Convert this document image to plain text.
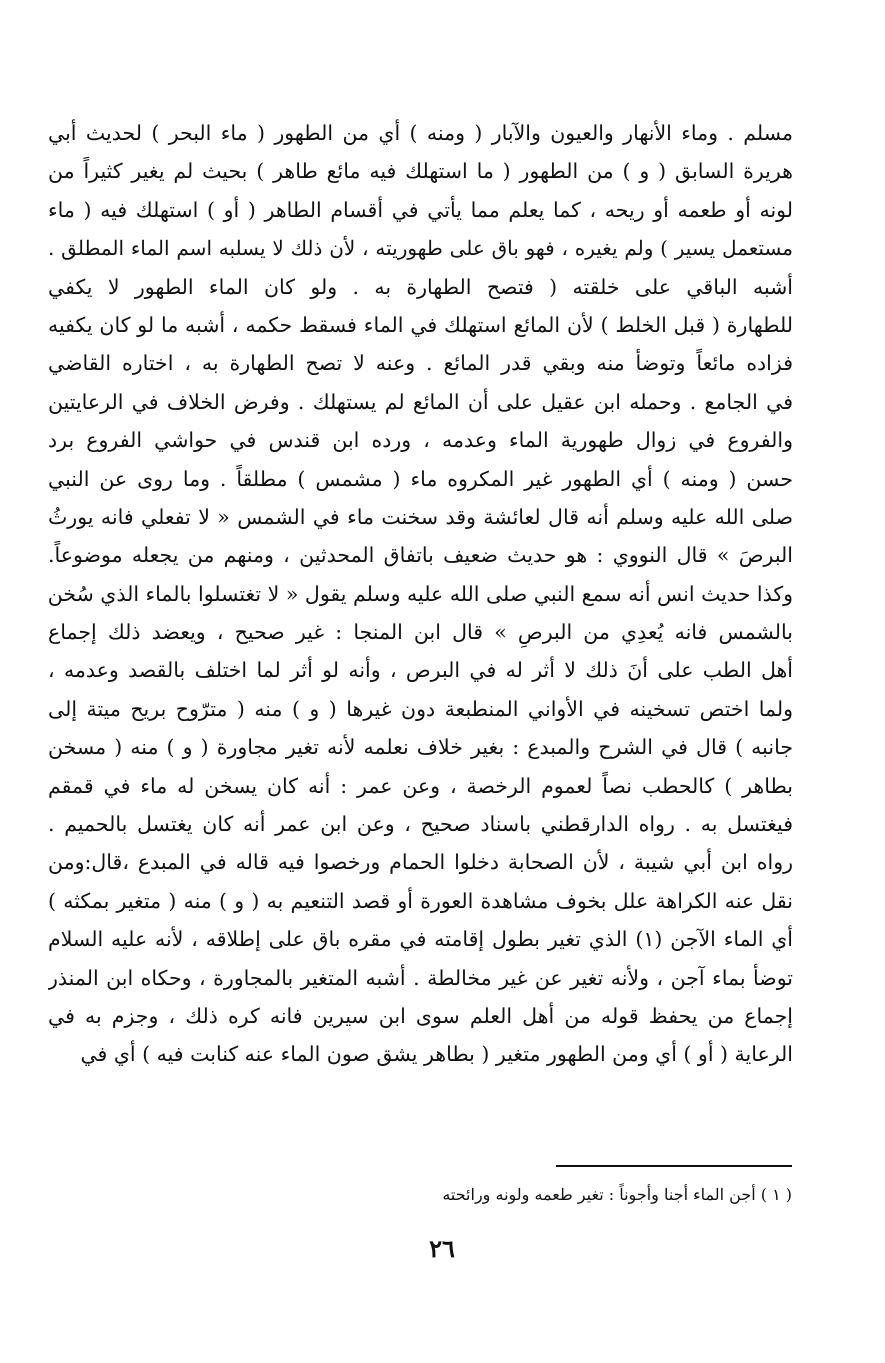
مسلم . وماء الأنهار والعيون والآبار ( ومنه ) أي من الطهور ( ماء البحر ) لحديث أبي
هريرة السابق ( و ) من الطهور ( ما استهلك فيه مائع طاهر ) بحيث لم يغير كثيراً من
لونه أو طعمه أو ريحه ، كما يعلم مما يأتي في أقسام الطاهر ( أو ) استهلك فيه ( ماء
مستعمل يسير ) ولم يغيره ، فهو باق على طهوريته ، لأن ذلك لا يسلبه اسم الماء المطلق .
أشبه الباقي على خلقته ( فتصح الطهارة به . ولو كان الماء الطهور لا يكفي
للطهارة ( قبل الخلط ) لأن المائع استهلك في الماء فسقط حكمه ، أشبه ما لو كان يكفيه
فزاده مائعاً وتوضأ منه وبقي قدر المائع . وعنه لا تصح الطهارة به ، اختاره القاضي
في الجامع . وحمله ابن عقيل على أن المائع لم يستهلك . وفرض الخلاف في الرعايتين
والفروع في زوال طهورية الماء وعدمه ، ورده ابن قندس في حواشي الفروع برد
حسن ( ومنه ) أي الطهور غير المكروه ماء ( مشمس ) مطلقاً . وما روى عن النبي
صلى الله عليه وسلم أنه قال لعائشة وقد سخنت ماء في الشمس « لا تفعلي فانه يورثُ
البرصَ » قال النووي : هو حديث ضعيف باتفاق المحدثين ، ومنهم من يجعله موضوعاً.
وكذا حديث انس أنه سمع النبي صلى الله عليه وسلم يقول « لا تغتسلوا بالماء الذي سُخن
بالشمس فانه يُعدِي من البرصِ » قال ابن المنجا : غير صحيح ، ويعضد ذلك إجماع
أهل الطب على أنَ ذلك لا أثر له في البرص ، وأنه لو أثر لما اختلف بالقصد وعدمه ،
ولما اختص تسخينه في الأواني المنطبعة دون غيرها ( و ) منه ( مترّوح بريح ميتة إلى
جانبه ) قال في الشرح والمبدع : بغير خلاف نعلمه لأنه تغير مجاورة ( و ) منه ( مسخن
بطاهر ) كالحطب نصاً لعموم الرخصة ، وعن عمر : أنه كان يسخن له ماء في قمقم
فيغتسل به . رواه الدارقطني باسناد صحيح ، وعن ابن عمر أنه كان يغتسل بالحميم .
رواه ابن أبي شيبة ، لأن الصحابة دخلوا الحمام ورخصوا فيه قاله في المبدع ،قال:ومن
نقل عنه الكراهة علل بخوف مشاهدة العورة أو قصد التنعيم به ( و ) منه ( متغير بمكثه )
أي الماء الآجن (١) الذي تغير بطول إقامته في مقره باق على إطلاقه ، لأنه عليه السلام
توضأ بماء آجن ، ولأنه تغير عن غير مخالطة . أشبه المتغير بالمجاورة ، وحكاه ابن المنذر
إجماع من يحفظ قوله من أهل العلم سوى ابن سيرين فانه كره ذلك ، وجزم به في
الرعاية ( أو ) أي ومن الطهور متغير ( بطاهر يشق صون الماء عنه كنابت فيه ) أي في
( ١ ) أجن الماء أجنا وأجوناً : تغير طعمه ولونه ورائحته
٢٦
